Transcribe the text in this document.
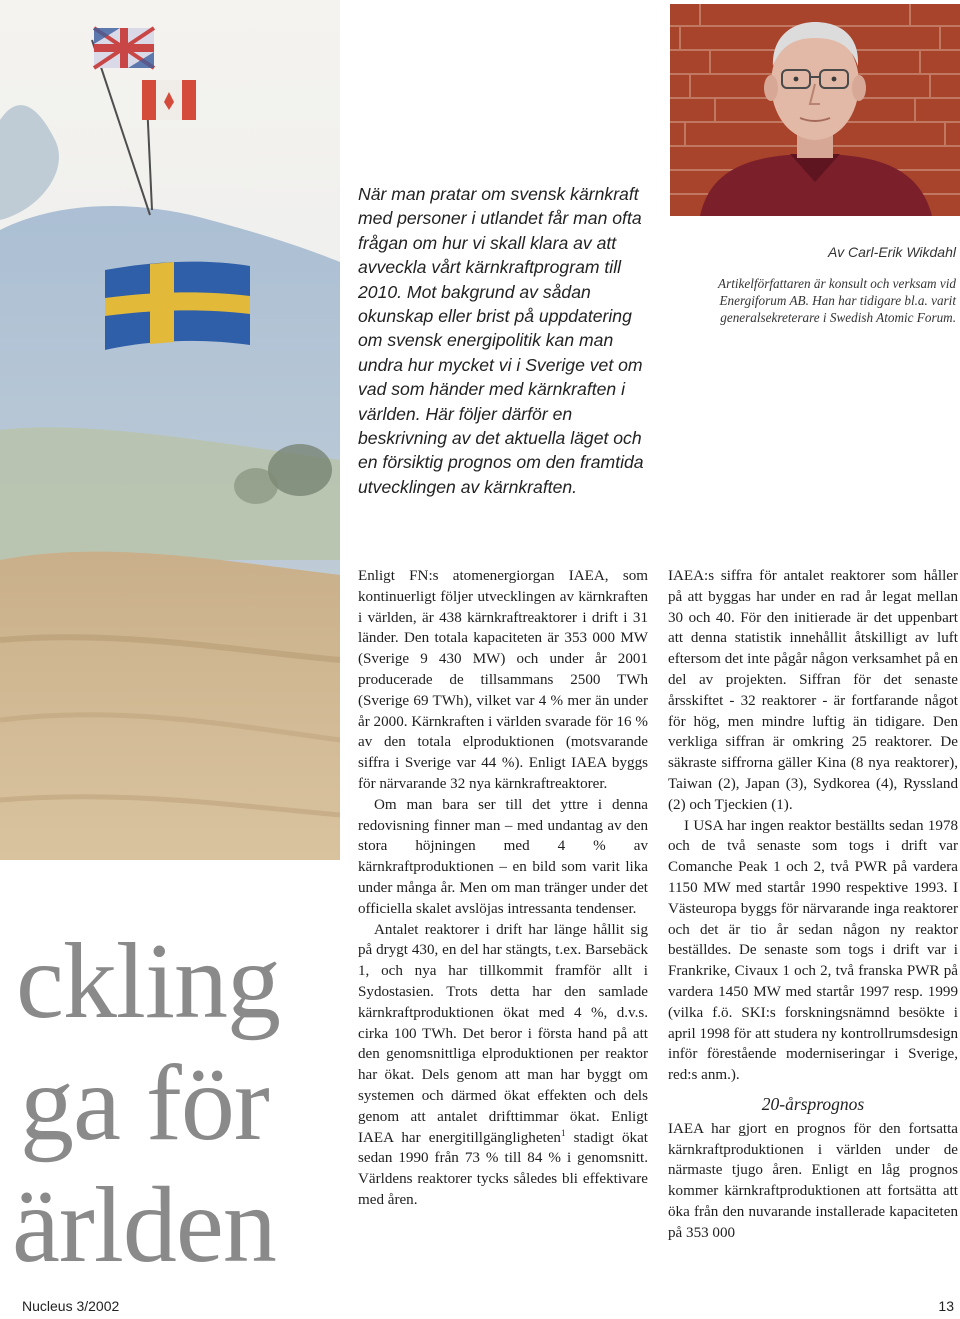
ckling
ga för
ärlden

När man pratar om svensk kärnkraft med personer i utlandet får man ofta frågan om hur vi skall klara av att avveckla vårt kärnkraftprogram till 2010. Mot bakgrund av sådan okunskap eller brist på uppdatering om svensk energipolitik kan man undra hur mycket vi i Sverige vet om vad som händer med kärnkraften i världen. Här följer därför en beskrivning av det aktuella läget och en försiktig prognos om den framtida utvecklingen av kärnkraften.

Av Carl-Erik Wikdahl

Artikelförfattaren är konsult och verksam vid Energiforum AB. Han har tidigare bl.a. varit generalsekreterare i Swedish Atomic Forum.

Enligt FN:s atomenergiorgan IAEA, som kontinuerligt följer utvecklingen av kärnkraften i världen, är 438 kärnkraftreaktorer i drift i 31 länder. Den totala kapaciteten är 353 000 MW (Sverige 9 430 MW) och under år 2001 producerade de tillsammans 2500 TWh (Sverige 69 TWh), vilket var 4 % mer än under år 2000. Kärnkraften i världen svarade för 16 % av den totala elproduktionen (motsvarande siffra i Sverige var 44 %). Enligt IAEA byggs för närvarande 32 nya kärnkraftreaktorer.

Om man bara ser till det yttre i denna redovisning finner man – med undantag av den stora höjningen med 4 % av kärnkraftproduktionen – en bild som varit lika under många år. Men om man tränger under det officiella skalet avslöjas intressanta tendenser.

Antalet reaktorer i drift har länge hållit sig på drygt 430, en del har stängts, t.ex. Barsebäck 1, och nya har tillkommit framför allt i Sydostasien. Trots detta har den samlade kärnkraftproduktionen ökat med 4 %, d.v.s. cirka 100 TWh. Det beror i första hand på att den genomsnittliga elproduktionen per reaktor har ökat. Dels genom att man har byggt om systemen och därmed ökat effekten och dels genom att antalet drifttimmar ökat. Enligt IAEA har energitillgängligheten$^1$ stadigt ökat sedan 1990 från 73 % till 84 % i genomsnitt. Världens reaktorer tycks således bli effektivare med åren.

IAEA:s siffra för antalet reaktorer som håller på att byggas har under en rad år legat mellan 30 och 40. För den initierade är det uppenbart att denna statistik innehållit åtskilligt av luft eftersom det inte pågår någon verksamhet på en del av projekten. Siffran för det senaste årsskiftet - 32 reaktorer - är fortfarande något för hög, men mindre luftig än tidigare. Den verkliga siffran är omkring 25 reaktorer. De säkraste siffrorna gäller Kina (8 nya reaktorer), Taiwan (2), Japan (3), Sydkorea (4), Ryssland (2) och Tjeckien (1).

I USA har ingen reaktor beställts sedan 1978 och de två senaste som togs i drift var Comanche Peak 1 och 2, två PWR på vardera 1150 MW med startår 1990 respektive 1993. I Västeuropa byggs för närvarande inga reaktorer och det är tio år sedan någon ny reaktor beställdes. De senaste som togs i drift var i Frankrike, Civaux 1 och 2, två franska PWR på vardera 1450 MW med startår 1997 resp. 1999 (vilka f.ö. SKI:s forskningsnämnd besökte i april 1998 för att studera ny kontrollrumsdesign inför förestående moderniseringar i Sverige, red:s anm.).

20-årsprognos

IAEA har gjort en prognos för den fortsatta kärnkraftproduktionen i världen under de närmaste tjugo åren. Enligt en låg prognos kommer kärnkraftproduktionen att fortsätta att öka från den nuvarande installerade kapaciteten på 353 000

Nucleus 3/2002	13
